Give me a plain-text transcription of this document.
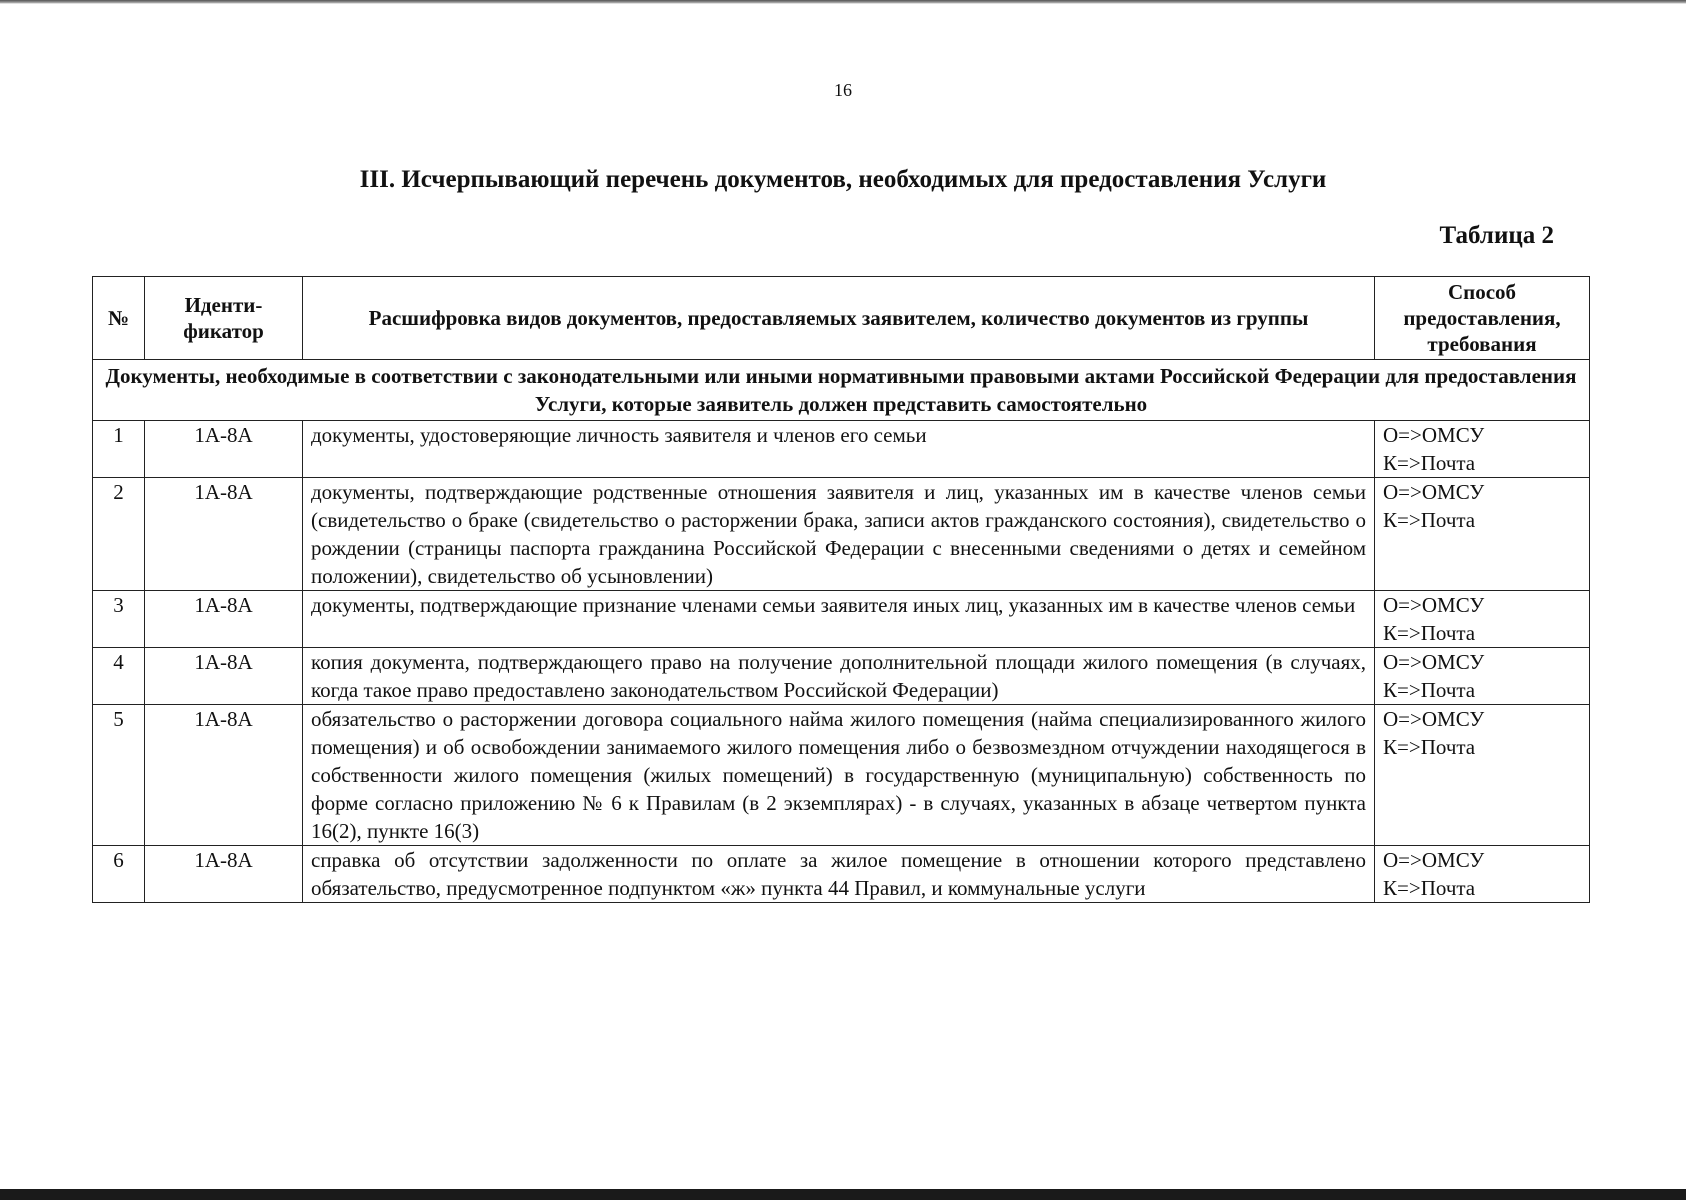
16
III. Исчерпывающий перечень документов, необходимых для предоставления Услуги
Таблица 2
№	Иденти-фикатор	Расшифровка видов документов, предоставляемых заявителем, количество документов из группы	Способ предоставления, требования
Документы, необходимые в соответствии с законодательными или иными нормативными правовыми актами Российской Федерации для предоставления Услуги, которые заявитель должен представить самостоятельно			
1	1А-8А	документы, удостоверяющие личность заявителя и членов его семьи	О=>ОМСУ
К=>Почта

2	1А-8А	документы, подтверждающие родственные отношения заявителя и лиц, указанных им в качестве членов семьи (свидетельство о браке (свидетельство о расторжении брака, записи актов гражданского состояния), свидетельство о рождении (страницы паспорта гражданина Российской Федерации с внесенными сведениями о детях и семейном положении), свидетельство об усыновлении)	О=>ОМСУ
К=>Почта

3	1А-8А	документы, подтверждающие признание членами семьи заявителя иных лиц, указанных им в качестве членов семьи	О=>ОМСУ
К=>Почта

4	1А-8А	копия документа, подтверждающего право на получение дополнительной площади жилого помещения (в случаях, когда такое право предоставлено законодательством Российской Федерации)	О=>ОМСУ
К=>Почта

5	1А-8А	обязательство о расторжении договора социального найма жилого помещения (найма специализированного жилого помещения) и об освобождении занимаемого жилого помещения либо о безвозмездном отчуждении находящегося в собственности жилого помещения (жилых помещений) в государственную (муниципальную) собственность по форме согласно приложению № 6 к Правилам (в 2 экземплярах) - в случаях, указанных в абзаце четвертом пункта 16(2), пункте 16(3)	О=>ОМСУ
К=>Почта

6	1А-8А	справка об отсутствии задолженности по оплате за жилое помещение в отношении которого представлено обязательство, предусмотренное подпунктом «ж» пункта 44 Правил, и коммунальные услуги	О=>ОМСУ
К=>Почта
